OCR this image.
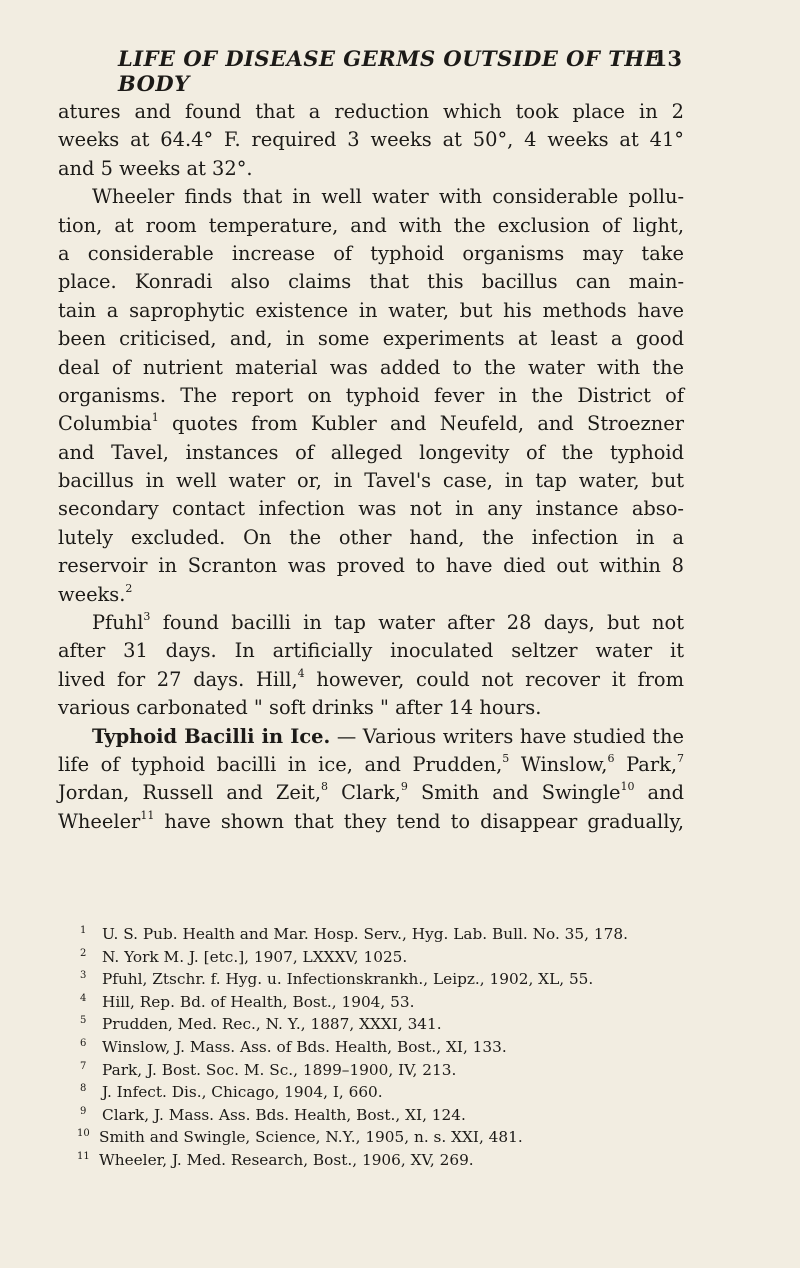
LIFE OF DISEASE GERMS OUTSIDE OF THE BODY
13
atures and found that a reduction which took place in 2
weeks at 64.4° F. required 3 weeks at 50°, 4 weeks at 41°
and 5 weeks at 32°.
Wheeler finds that in well water with considerable pollu-
tion, at room temperature, and with the exclusion of light,
a considerable increase of typhoid organisms may take
place. Konradi also claims that this bacillus can main-
tain a saprophytic existence in water, but his methods have
been criticised, and, in some experiments at least a good
deal of nutrient material was added to the water with the
organisms. The report on typhoid fever in the District of
Columbia$^1$ quotes from Kubler and Neufeld, and Stroezner
and Tavel, instances of alleged longevity of the typhoid
bacillus in well water or, in Tavel's case, in tap water, but
secondary contact infection was not in any instance abso-
lutely excluded. On the other hand, the infection in a
reservoir in Scranton was proved to have died out within 8
weeks.$^2$
Pfuhl$^3$ found bacilli in tap water after 28 days, but not
after 31 days. In artificially inoculated seltzer water it
lived for 27 days. Hill,$^4$ however, could not recover it from
various carbonated " soft drinks " after 14 hours.
Typhoid Bacilli in Ice. — Various writers have studied the
life of typhoid bacilli in ice, and Prudden,$^5$ Winslow,$^6$ Park,$^7$
Jordan, Russell and Zeit,$^8$ Clark,$^9$ Smith and Swingle$^{10}$ and
Wheeler$^{11}$ have shown that they tend to disappear gradually,
1 U. S. Pub. Health and Mar. Hosp. Serv., Hyg. Lab. Bull. No. 35, 178.
2 N. York M. J. [etc.], 1907, LXXXV, 1025.
3 Pfuhl, Ztschr. f. Hyg. u. Infectionskrankh., Leipz., 1902, XL, 55.
4 Hill, Rep. Bd. of Health, Bost., 1904, 53.
5 Prudden, Med. Rec., N. Y., 1887, XXXI, 341.
6 Winslow, J. Mass. Ass. of Bds. Health, Bost., XI, 133.
7 Park, J. Bost. Soc. M. Sc., 1899–1900, IV, 213.
8 J. Infect. Dis., Chicago, 1904, I, 660.
9 Clark, J. Mass. Ass. Bds. Health, Bost., XI, 124.
10 Smith and Swingle, Science, N.Y., 1905, n. s. XXI, 481.
11 Wheeler, J. Med. Research, Bost., 1906, XV, 269.
